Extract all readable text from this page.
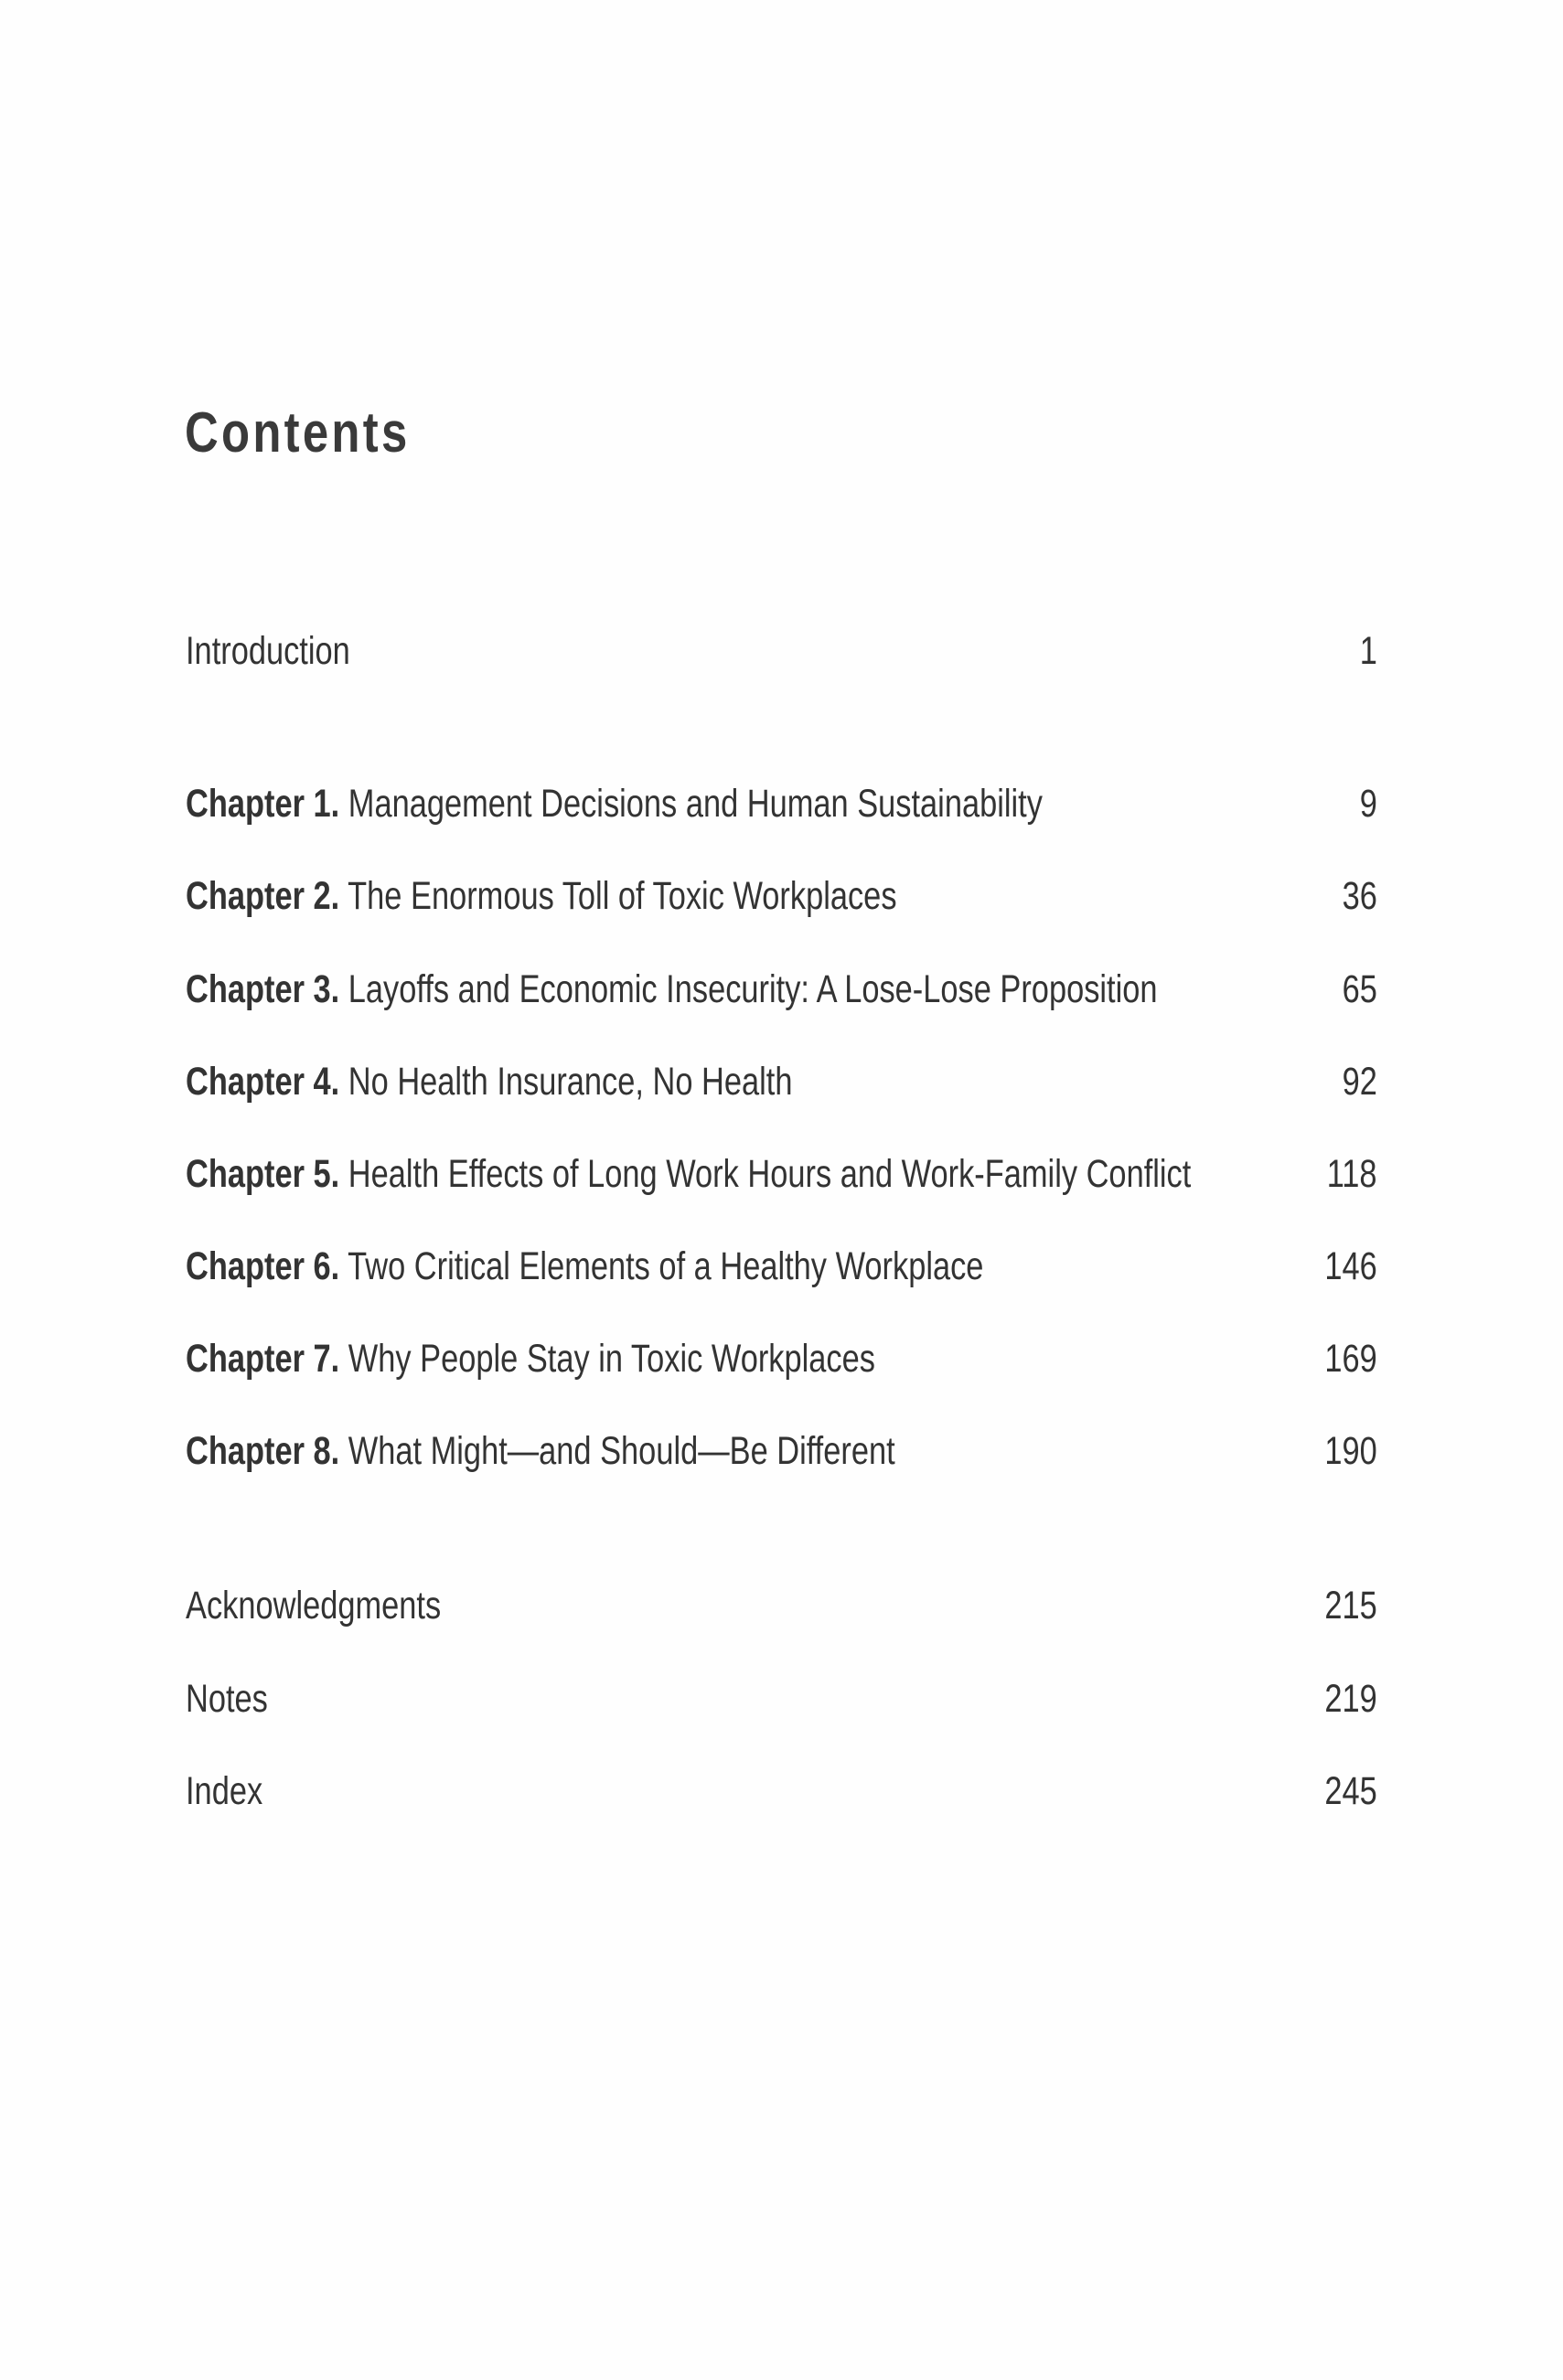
Contents
Introduction	1
Chapter 1. Management Decisions and Human Sustainability	9
Chapter 2. The Enormous Toll of Toxic Workplaces	36
Chapter 3. Layoffs and Economic Insecurity: A Lose-Lose Proposition	65
Chapter 4. No Health Insurance, No Health	92
Chapter 5. Health Effects of Long Work Hours and Work-Family Conflict	118
Chapter 6. Two Critical Elements of a Healthy Workplace	146
Chapter 7. Why People Stay in Toxic Workplaces	169
Chapter 8. What Might—and Should—Be Different	190
Acknowledgments	215
Notes	219
Index	245
